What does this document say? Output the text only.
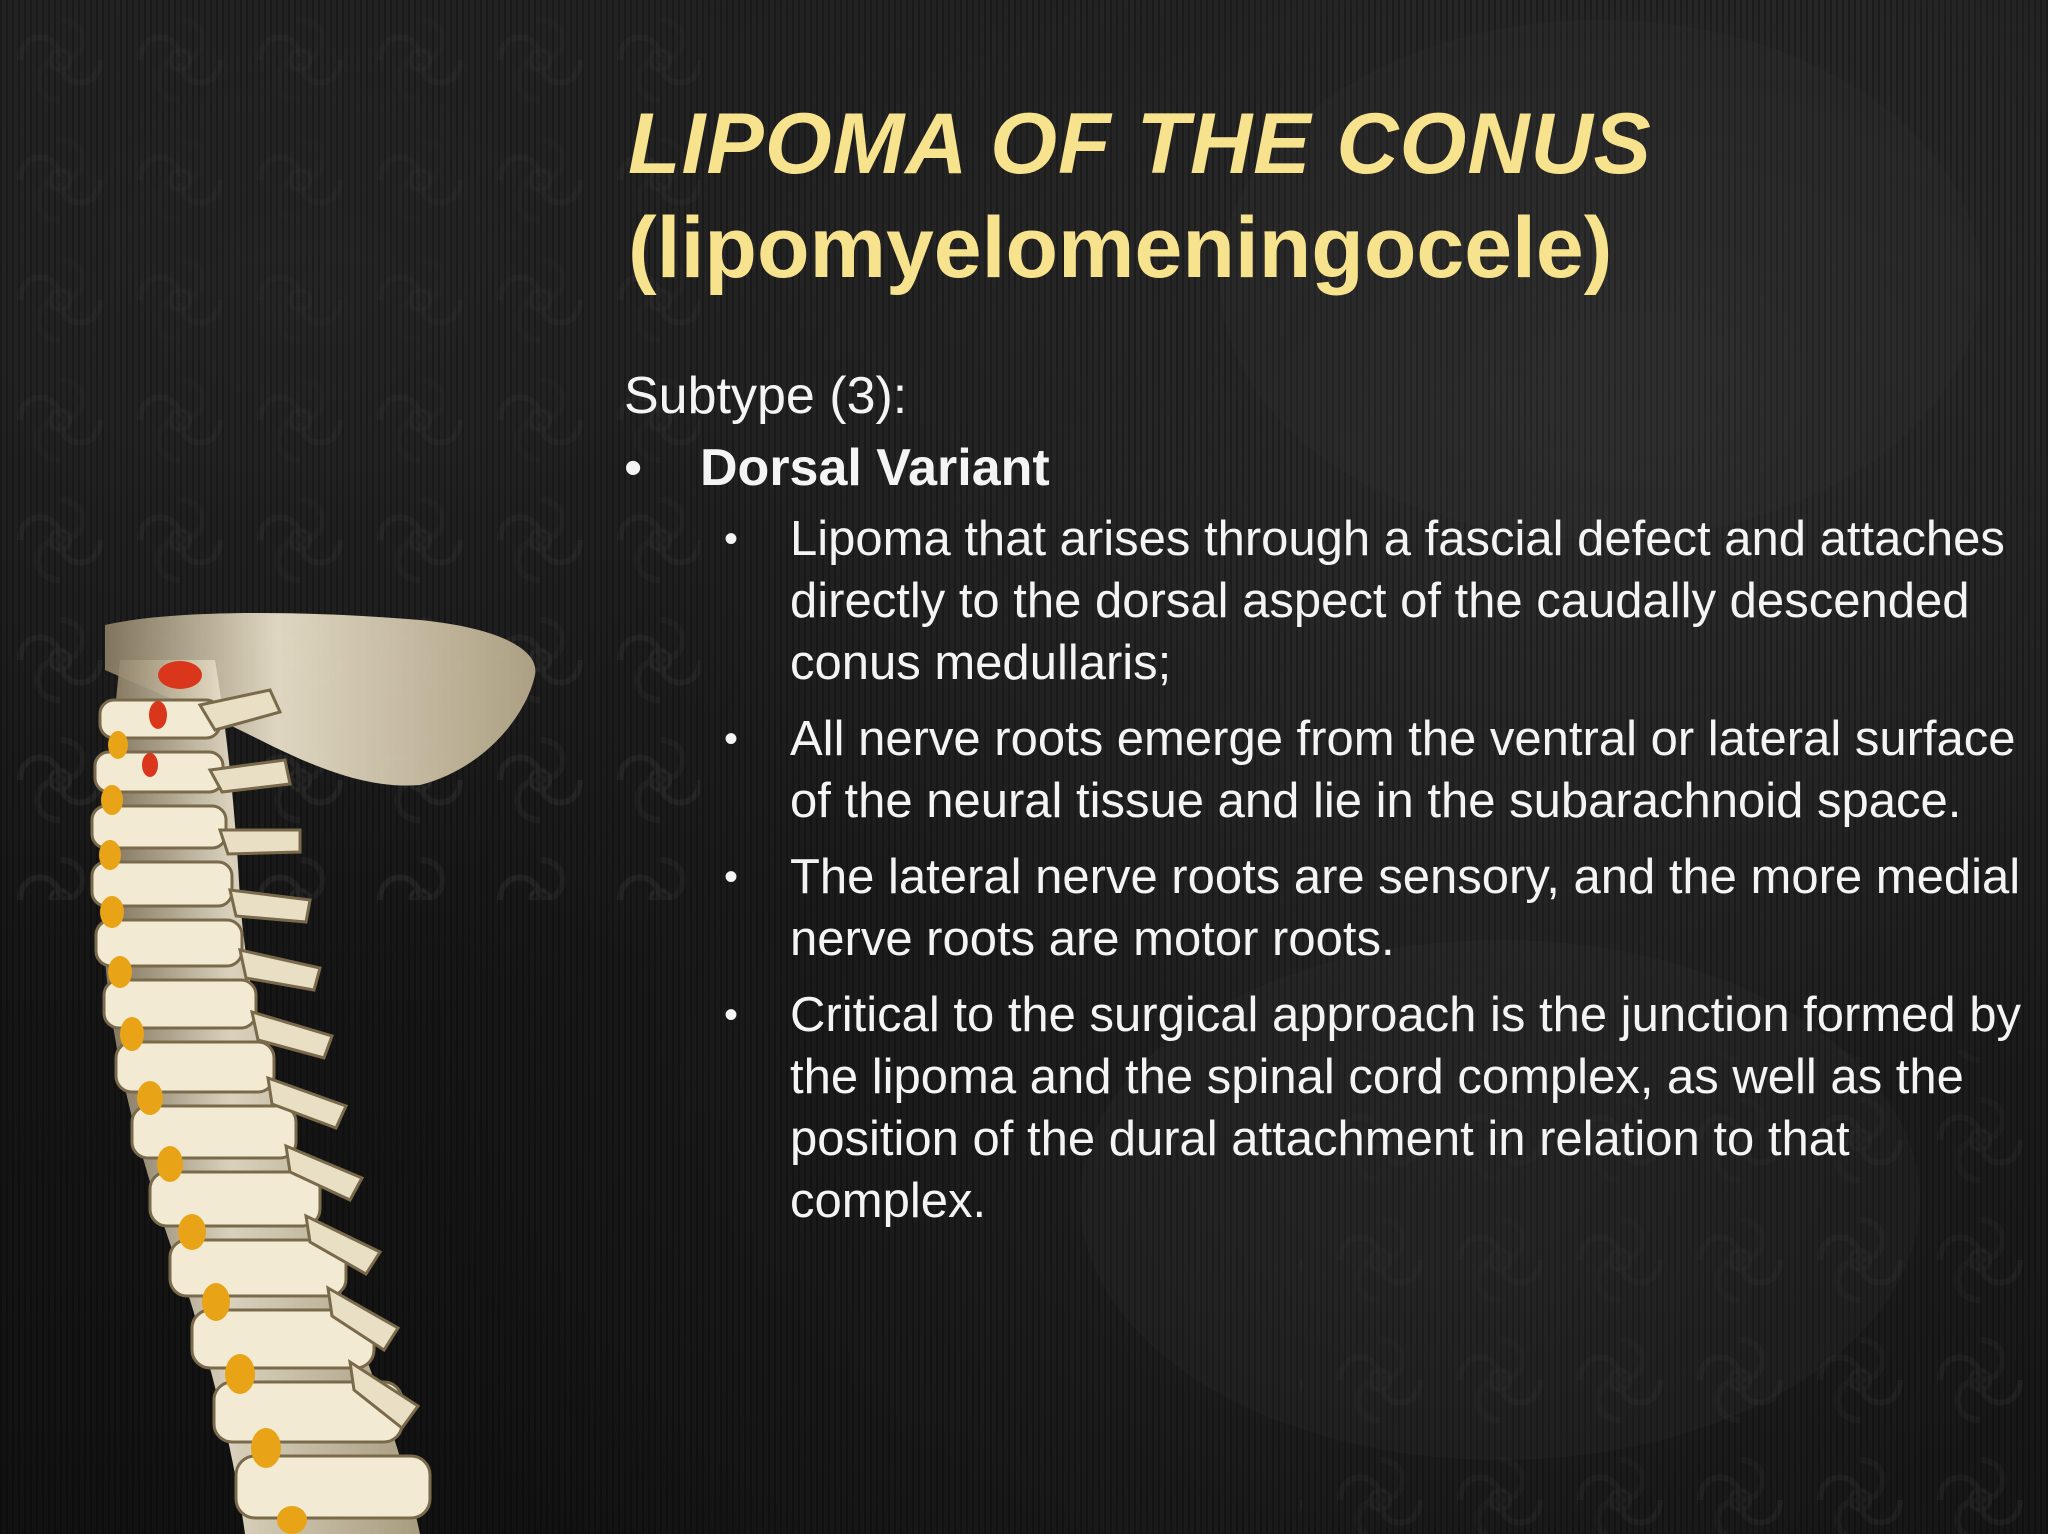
LIPOMA OF THE CONUS
(lipomyelomeningocele)

Subtype (3):

•	Dorsal Variant
•	Lipoma that arises through a fascial defect and attaches directly to the dorsal aspect of the caudally descended conus medullaris;
•	All nerve roots emerge from the ventral or lateral surface of the neural tissue and lie in the subarachnoid space.
•	The lateral nerve roots are sensory, and the more medial nerve roots are motor roots.
•	Critical to the surgical approach is the junction formed by the lipoma and the spinal cord complex, as well as the position of the dural attachment in relation to that complex.
